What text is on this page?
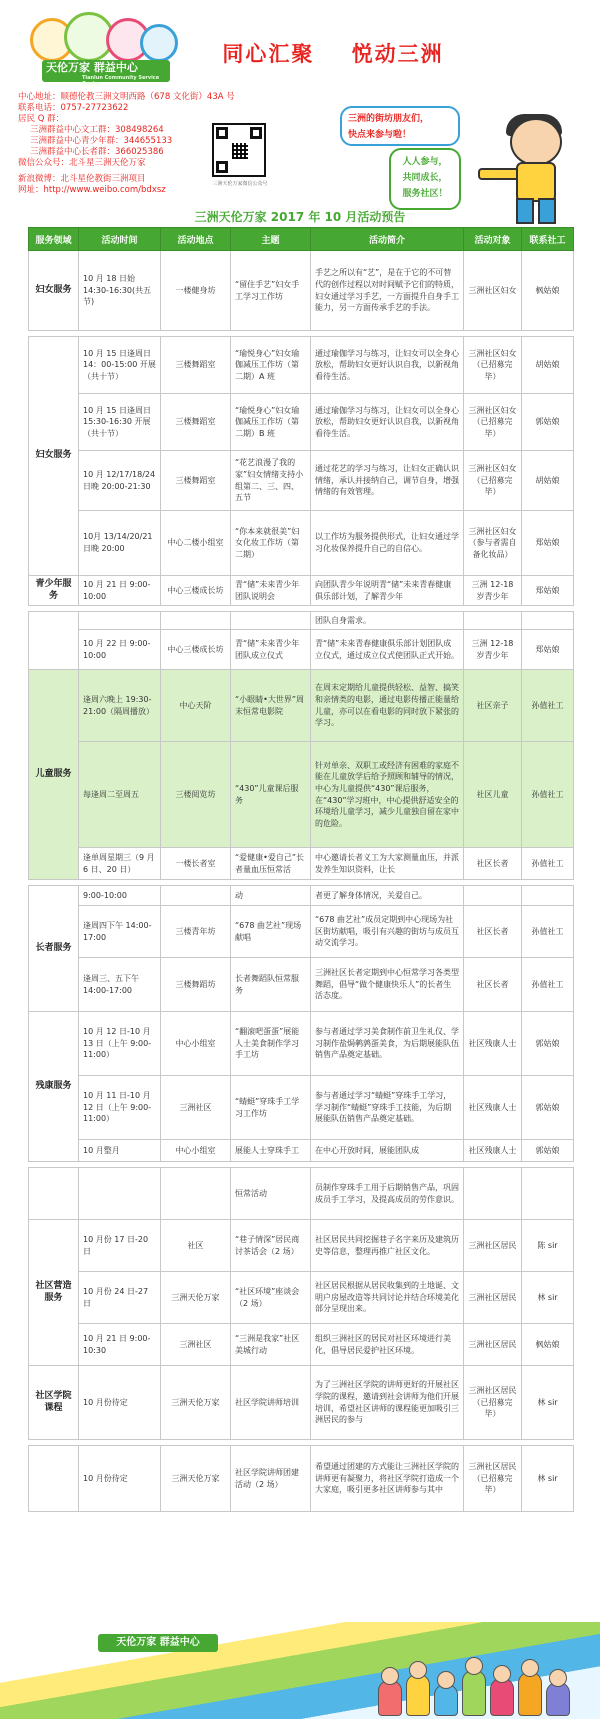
天伦万家 群益中心
Tianlun Community Service Center
同心汇聚    悦动三洲
中心地址：顺德伦教三洲文明西路（678 文化街）43A 号
联系电话：0757-27723622
居民 Q 群：
三洲群益中心文工群：308498264
三洲群益中心青少年群：344655133
三洲群益中心长者群：366025386
微信公众号：北斗星三洲天伦万家
新浪微博：北斗星伦教街三洲项目
网址：http://www.weibo.com/bdxsz
三洲天伦万家微信公众号
三洲的街坊朋友们，
快点来参与啦！
人人参与，
共同成长，
服务社区！
三洲天伦万家 2017 年 10 月活动预告
服务领域	活动时间	活动地点	主题	活动简介	活动对象	联系社工
妇女服务	10 月 18 日始 14:30-16:30(共五节)	一楼健身坊	“留住手艺”妇女手工学习工作坊	手艺之所以有“艺”，是在于它的不可替代的创作过程以对时间赋予它们的特质，妇女通过学习手艺，一方面提升自身手工能力，另一方面传承手艺的手法。	三洲社区妇女	枫姑娘

妇女服务	10 月 15 日逢周日 14：00-15:00 开展（共十节）	三楼舞蹈室	“瑜悦身心”妇女瑜伽减压工作坊（第二期）A 班	通过瑜伽学习与练习，让妇女可以全身心放松，帮助妇女更好认识自我，以新视角看待生活。	三洲社区妇女（已招募完毕）	胡姑娘
	10 月 15 日逢周日 15:30-16:30 开展（共十节）	三楼舞蹈室	“瑜悦身心”妇女瑜伽减压工作坊（第二期）B 班	通过瑜伽学习与练习，让妇女可以全身心放松，帮助妇女更好认识自我，以新视角看待生活。	三洲社区妇女（已招募完毕）	郭姑娘
	10 月 12/17/18/24 日晚 20:00-21:30	三楼舞蹈室	“花艺浪漫了我的家”妇女情绪支持小组第二、三、四、五节	通过花艺的学习与练习，让妇女正确认识情绪，承认并接纳自己，调节自身，增强情绪的有效管理。	三洲社区妇女（已招募完毕）	胡姑娘
	10月 13/14/20/21 日晚 20:00	中心二楼小组室	“你本来就很美”妇女化妆工作坊（第二期）	以工作坊为服务提供形式，让妇女通过学习化妆保养提升自己的自信心。	三洲社区妇女（参与者需自备化妆品）	郑姑娘
青少年服务	10 月 21 日 9:00-10:00	中心三楼成长坊	青“储”未来青少年团队说明会	向团队青少年说明青“储”未来青春健康俱乐部计划，了解青少年	三洲 12-18 岁青少年	郑姑娘

				团队自身需求。		
	10 月 22 日 9:00-10:00	中心三楼成长坊	青“储”未来青少年团队成立仪式	青“储”未来青春健康俱乐部计划团队成立仪式，通过成立仪式使团队正式开始。	三洲 12-18 岁青少年	郑姑娘
儿童服务	逢周六晚上 19:30-21:00（隔周播放）	中心天阶	“小眼睛•大世界”周末恒常电影院	在周末定期给儿童提供轻松、益智、搞笑和亲情类的电影，通过电影传播正能量给儿童，亦可以在看电影的同时放下紧张的学习。	社区亲子	孙值社工
	每逢周二至周五	三楼阅览坊	“430”儿童课后服务	针对单亲、双职工或经济有困难的家庭不能在儿童放学后给予照顾和辅导的情况，中心为儿童提供“430”课后服务，在“430”学习班中，中心提供舒适安全的环境给儿童学习，减少儿童独自留在家中的危险。	社区儿童	孙值社工
	逢单周星期三（9 月 6 日、20 日）	一楼长者室	“爱健康•爱自己”长者量血压恒常活	中心邀请长者义工为大家测量血压，并派发养生知识资料，让长	社区长者	孙值社工

长者服务	9:00-10:00		动	者更了解身体情况，关爱自己。		
	逢周四下午 14:00-17:00	三楼青年坊	“678 曲艺社”现场献唱	“678 曲艺社”成员定期到中心现场为社区街坊献唱，吸引有兴趣的街坊与成员互动交流学习。	社区长者	孙值社工
	逢周三、五下午 14:00-17:00	三楼舞蹈坊	长者舞蹈队恒常服务	三洲社区长者定期到中心恒常学习各类型舞蹈，倡导“做个健康快乐人”的长者生活态度。	社区长者	孙值社工
残康服务	10 月 12 日-10 月 13 日（上午 9:00-11:00）	中心小组室	“翻滚吧蛋蛋”展能人士美食制作学习手工坊	参与者通过学习美食制作前卫生礼仪、学习制作盐焗鹌鹑蛋美食，为后期展能队伍销售产品奠定基础。	社区残康人士	郭姑娘
	10 月 11 日-10 月 12 日（上午 9:00-11:00）	三洲社区	“蜻蜓”穿珠手工学习工作坊	参与者通过学习“蜻蜓”穿珠手工学习，学习制作“蜻蜓”穿珠手工技能，为后期展能队伍销售产品奠定基础。	社区残康人士	郭姑娘
	10 月整月	中心小组室	展能人士穿珠手工	在中心开放时间，展能团队成	社区残康人士	郭姑娘

			恒常活动	员制作穿珠手工用于后期销售产品，巩固成员手工学习，及提高成员的劳作意识。		
社区营造服务	10 月份 17 日-20 日	社区	“巷子情深”居民商讨茶话会（2 场）	社区居民共同挖掘巷子名字来历及建筑历史等信息，整理再推广社区文化。	三洲社区居民	陈 sir
	10 月份 24 日-27 日	三洲天伦万家	“社区环境”座谈会（2 场）	社区居民根据从居民收集到的土地诞、文明户房屋改造等共同讨论并结合环境美化部分呈现出来。	三洲社区居民	林 sir
	10 月 21 日 9:00-10:30	三洲社区	“三洲是我家”社区美城行动	组织三洲社区的居民对社区环境进行美化，倡导居民爱护社区环境。	三洲社区居民	枫姑娘
社区学院课程	10 月份待定	三洲天伦万家	社区学院讲师培训	为了三洲社区学院的讲师更好的开展社区学院的课程，邀请到社会讲师为他们开展培训，希望社区讲师的课程能更加吸引三洲居民的参与	三洲社区居民（已招募完毕）	林 sir

	10 月份待定	三洲天伦万家	社区学院讲师团建活动（2 场）	希望通过团建的方式能让三洲社区学院的讲师更有凝聚力，将社区学院打造成一个大家庭，吸引更多社区讲师参与其中	三洲社区居民（已招募完毕）	林 sir
天伦万家 群益中心
